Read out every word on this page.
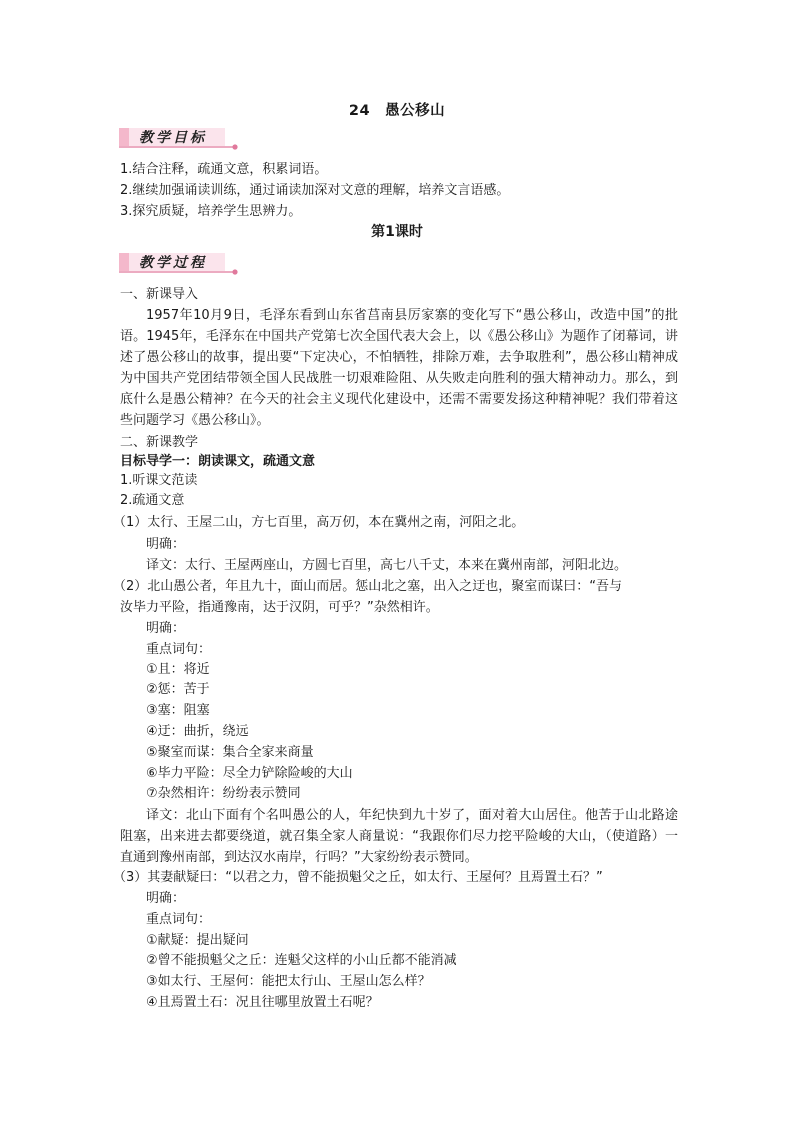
24　愚公移山
教学目标
1.结合注释，疏通文意，积累词语。
2.继续加强诵读训练，通过诵读加深对文意的理解，培养文言语感。
3.探究质疑，培养学生思辨力。
第1课时
教学过程
一、新课导入
1957年10月9日，毛泽东看到山东省莒南县厉家寨的变化写下“愚公移山，改造中国”的批语。1945年，毛泽东在中国共产党第七次全国代表大会上，以《愚公移山》为题作了闭幕词，讲述了愚公移山的故事，提出要“下定决心，不怕牺牲，排除万难，去争取胜利”，愚公移山精神成为中国共产党团结带领全国人民战胜一切艰难险阻、从失败走向胜利的强大精神动力。那么，到底什么是愚公精神？在今天的社会主义现代化建设中，还需不需要发扬这种精神呢？我们带着这些问题学习《愚公移山》。
二、新课教学
目标导学一：朗读课文，疏通文意
1.听课文范读
2.疏通文意
（1）太行、王屋二山，方七百里，高万仞，本在冀州之南，河阳之北。
明确：
译文：太行、王屋两座山，方圆七百里，高七八千丈，本来在冀州南部，河阳北边。
（2）北山愚公者，年且九十，面山而居。惩山北之塞，出入之迂也，聚室而谋曰：“吾与
汝毕力平险，指通豫南，达于汉阴，可乎？”杂然相许。
明确：
重点词句：
①且：将近
②惩：苦于
③塞：阻塞
④迂：曲折，绕远
⑤聚室而谋：集合全家来商量
⑥毕力平险：尽全力铲除险峻的大山
⑦杂然相许：纷纷表示赞同
译文：北山下面有个名叫愚公的人，年纪快到九十岁了，面对着大山居住。他苦于山北路途阻塞，出来进去都要绕道，就召集全家人商量说：“我跟你们尽力挖平险峻的大山，（使道路）一直通到豫州南部，到达汉水南岸，行吗？”大家纷纷表示赞同。
（3）其妻献疑曰：“以君之力，曾不能损魁父之丘，如太行、王屋何？且焉置土石？”
明确：
重点词句：
①献疑：提出疑问
②曾不能损魁父之丘：连魁父这样的小山丘都不能消减
③如太行、王屋何：能把太行山、王屋山怎么样？
④且焉置土石：况且往哪里放置土石呢？
